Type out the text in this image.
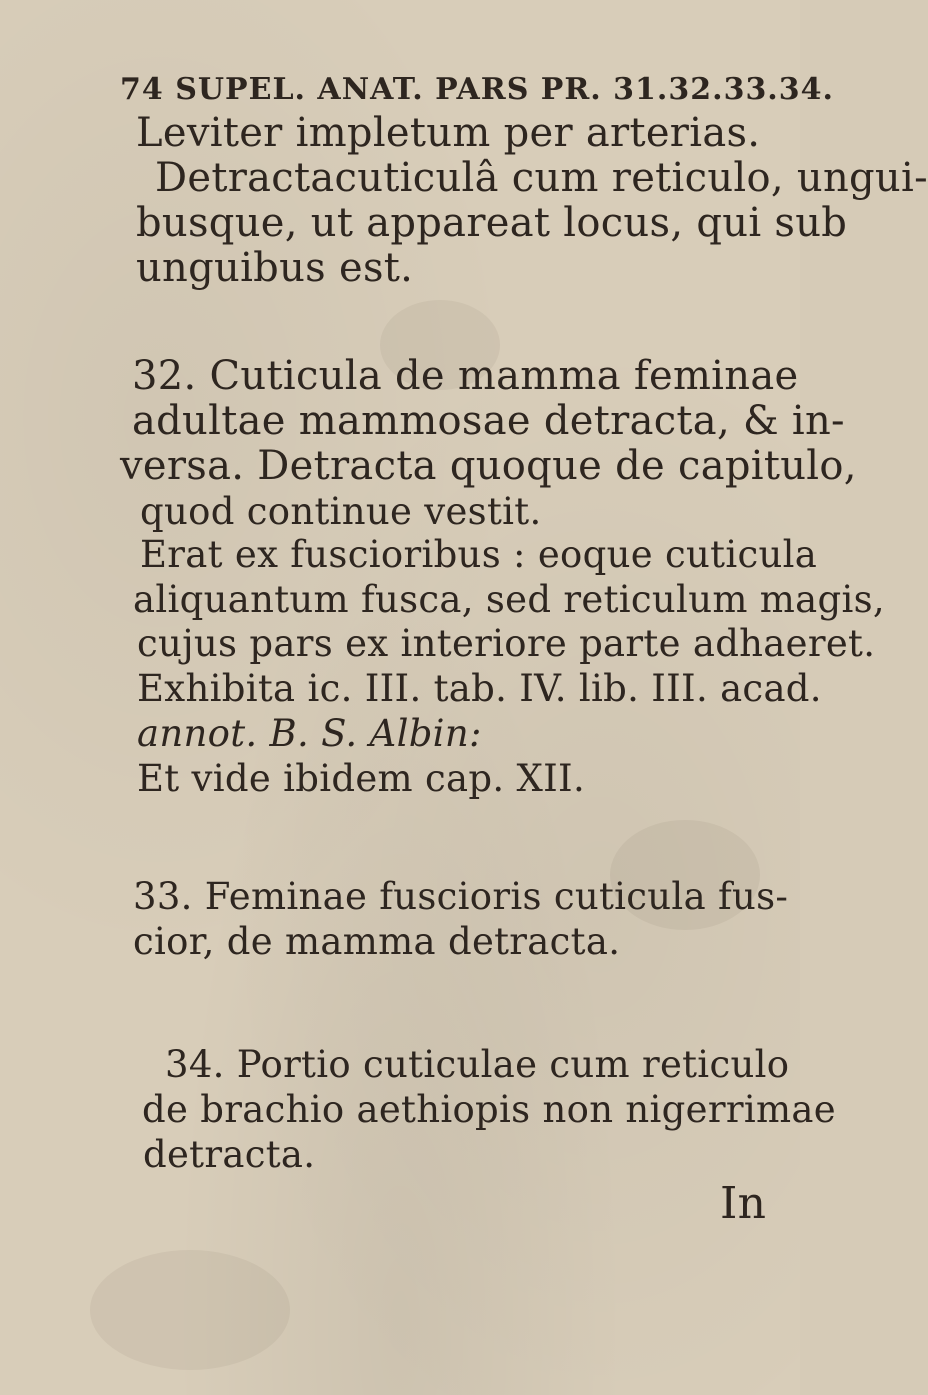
74 SUPEL. ANAT. PARS PR. 31.32.33.34.
Leviter impletum per arterias.
Detractacuticulâ cum reticulo, ungui-
busque, ut appareat locus, qui sub
unguibus est.
32. Cuticula de mamma feminae
adultae mammosae detracta, & in-
versa. Detracta quoque de capitulo,
quod continue vestit.
Erat ex fuscioribus : eoque cuticula
aliquantum fusca, sed reticulum magis,
cujus pars ex interiore parte adhaeret.
Exhibita ic. III. tab. IV. lib. III. acad.
annot. B. S. Albin:
Et vide ibidem cap. XII.
33. Feminae fuscioris cuticula fus-
cior, de mamma detracta.
34. Portio cuticulae cum reticulo
de brachio aethiopis non nigerrimae
detracta.
In
